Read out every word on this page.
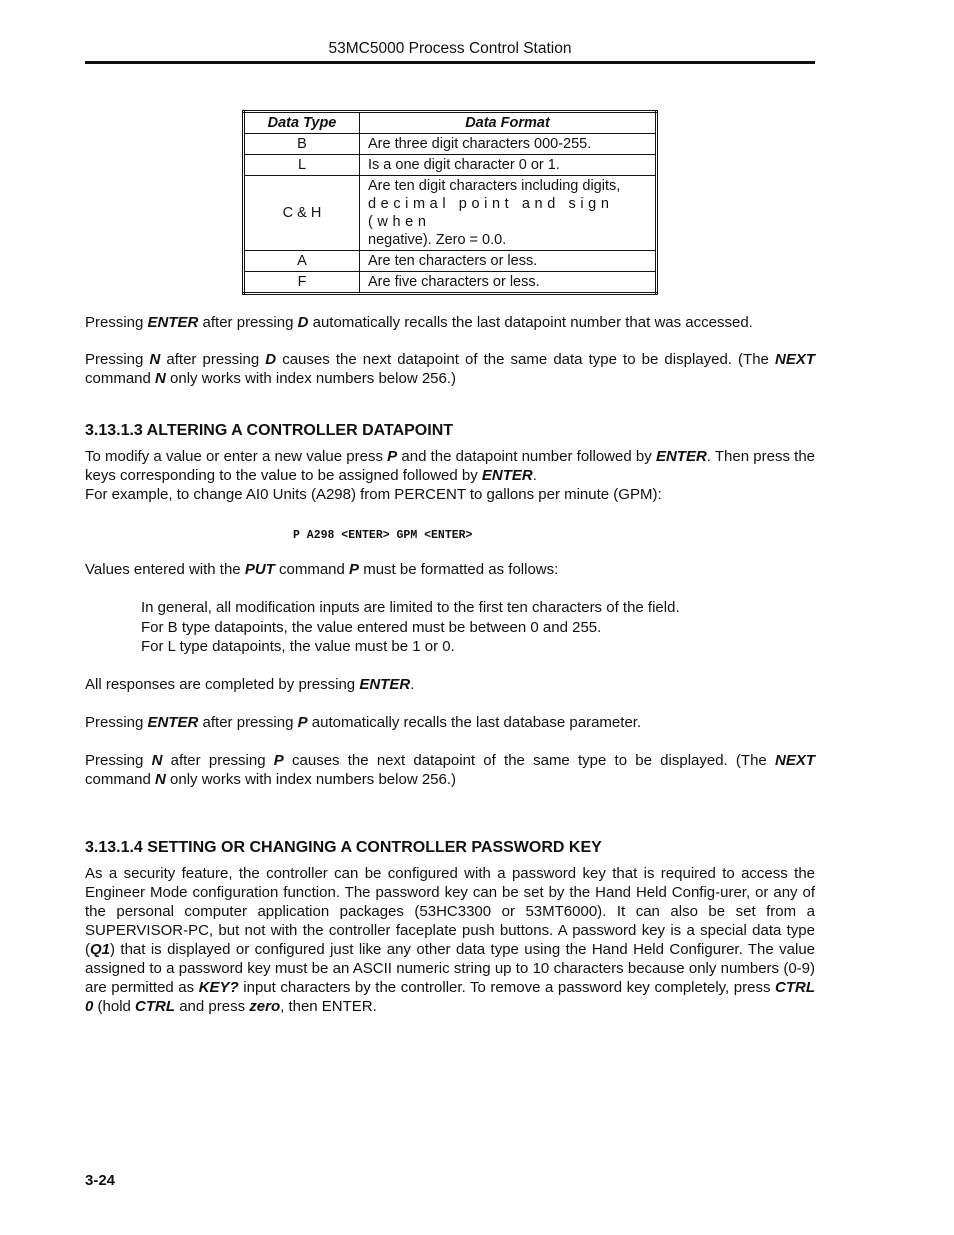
53MC5000 Process Control Station
Data Type	Data Format
B	Are three digit characters 000-255.
L	Is a one digit character 0 or 1.
C & H	Are ten digit characters including digits,
decimal point and sign (when
negative). Zero = 0.0.

A	Are ten characters or less.
F	Are five characters or less.
Pressing ENTER after pressing D automatically recalls the last datapoint number that was accessed.
Pressing N after pressing D causes the next datapoint of the same data type to be displayed. (The NEXT command N only works with index numbers below 256.)
3.13.1.3 ALTERING A CONTROLLER DATAPOINT
To modify a value or enter a new value press P and the datapoint number followed by ENTER. Then press the keys corresponding to the value to be assigned followed by ENTER.
For example, to change AI0 Units (A298) from PERCENT to gallons per minute (GPM):
P A298 <ENTER> GPM <ENTER>
Values entered with the PUT command P must be formatted as follows:
In general, all modification inputs are limited to the first ten characters of the field.
For B type datapoints, the value entered must be between 0 and 255.
For L type datapoints, the value must be 1 or 0.
All responses are completed by pressing ENTER.
Pressing ENTER after pressing P automatically recalls the last database parameter.
Pressing N after pressing P causes the next datapoint of the same type to be displayed. (The NEXT command N only works with index numbers below 256.)
3.13.1.4 SETTING OR CHANGING A CONTROLLER PASSWORD KEY
As a security feature, the controller can be configured with a password key that is required to access the Engineer Mode configuration function. The password key can be set by the Hand Held Config-urer, or any of the personal computer application packages (53HC3300 or 53MT6000). It can also be set from a SUPERVISOR-PC, but not with the controller faceplate push buttons. A password key is a special data type (Q1) that is displayed or configured just like any other data type using the Hand Held Configurer. The value assigned to a password key must be an ASCII numeric string up to 10 characters because only numbers (0-9) are permitted as KEY? input characters by the controller. To remove a password key completely, press CTRL 0 (hold CTRL and press zero, then ENTER.
3-24
